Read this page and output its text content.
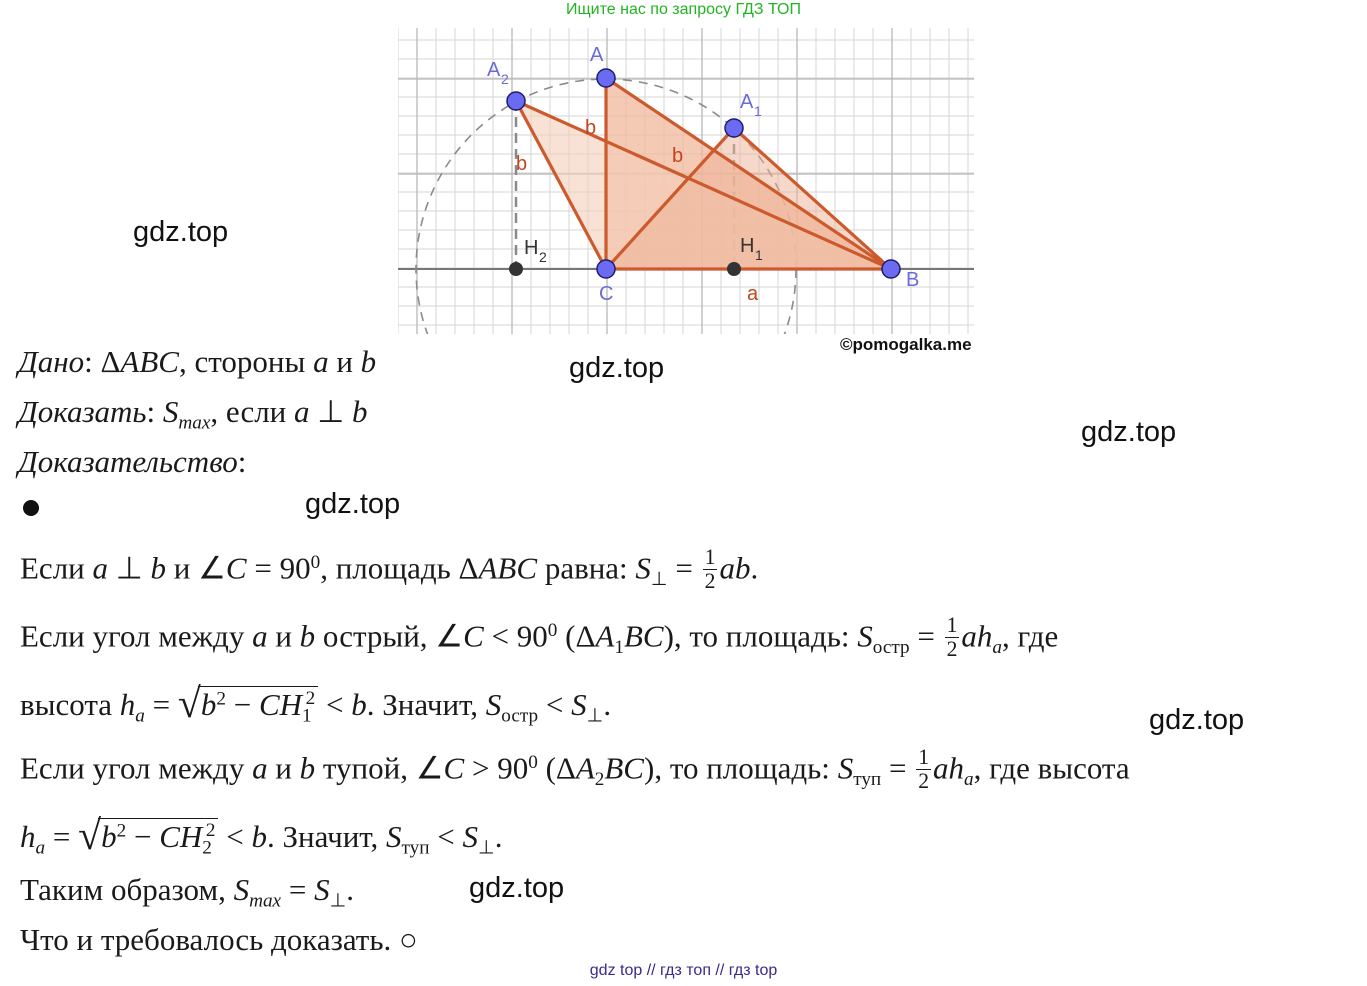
Ищите нас по запросу ГДЗ ТОП
A
A 2
A 1
C
B
H 2	H 1
a
b
b	b
©pomogalka.me
gdz.top
gdz.top
gdz.top
gdz.top
gdz.top
gdz.top
Дано: ΔABC, стороны a и b
Доказать: $S_{max}$, если a ⊥ b
Доказательство:
Если a ⊥ b и ∠C = $90^0$, площадь ΔABC равна: $S_\perp = \frac{1}{2}$ ab.
Если угол между a и b острый, ∠C < $90^0$ $(\Delta A_1BC)$, то площадь: $S_{остр} = \frac{1}{2} ah_a$, где
высота $h_a$ = √ $b^2 - CH_1^2 < b$. Значит, $S_{остр} < S_\perp$.
Если угол между a и b тупой, ∠C > $90^0$ $(\Delta A_2BC)$, то площадь: $S_{туп} = \frac{1}{2} ah_a$, где высота
$h_a$ = √ $b^2 - CH_2^2 < b$. Значит, $S_{туп} < S_\perp$.
Таким образом, $S_{max} = S_\perp$.
Что и требовалось доказать. ○
gdz top // гдз топ // гдз top
